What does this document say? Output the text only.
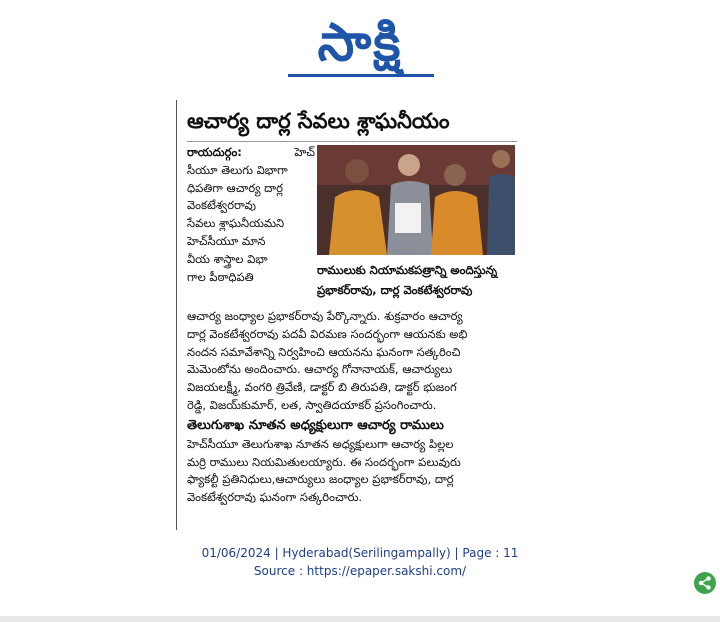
సాక్షి
ఆచార్య దార్ల సేవలు శ్లాఘనీయం
రాయదుర్గం:	హెచ్
సీయూ తెలుగు విభాగా
ధిపతిగా ఆచార్య దార్ల
వెంకటేశ్వరరావు
సేవలు శ్లాఘనీయమని
హెచ్‌సీయూ మాన
వీయ శాస్త్రాల విభా
గాల పీఠాధిపతి	రాములుకు నియామకపత్రాన్ని అందిస్తున్న
ప్రభాకర్‌రావు, దార్ల వెంకటేశ్వరరావు
ఆచార్య జంధ్యాల ప్రభాకర్‌రావు పేర్కొన్నారు. శుక్రవారం ఆచార్య
దార్ల వెంకటేశ్వరరావు పదవీ విరమణ సందర్భంగా ఆయనకు అభి
నందన సమావేశాన్ని నిర్వహించి ఆయనను ఘనంగా సత్కరించి
మెమెంటోను అందించారు. ఆచార్య గోనానాయక్, ఆచార్యులు
విజయలక్ష్మీ, వంగరి త్రివేణి, డాక్టర్ బి తిరుపతి, డాక్టర్ భుజంగ
రెడ్డి, విజయ్‌కుమార్, లత, స్వాతిదయాకర్ ప్రసంగించారు.
తెలుగుశాఖ నూతన అధ్యక్షులుగా ఆచార్య రాములు
హెచ్‌సీయూ తెలుగుశాఖ నూతన అధ్యక్షులుగా ఆచార్య పిల్లల
మర్రి రాములు నియమితులయ్యారు. ఈ సందర్భంగా పలువురు
ఫ్యాకల్టీ ప్రతినిధులు,ఆచార్యులు జంధ్యాల ప్రభాకర్‌రావు, దార్ల
వెంకటేశ్వరరావు ఘనంగా సత్కరించారు.
01/06/2024 | Hyderabad(Serilingampally) | Page : 11
Source : https://epaper.sakshi.com/
